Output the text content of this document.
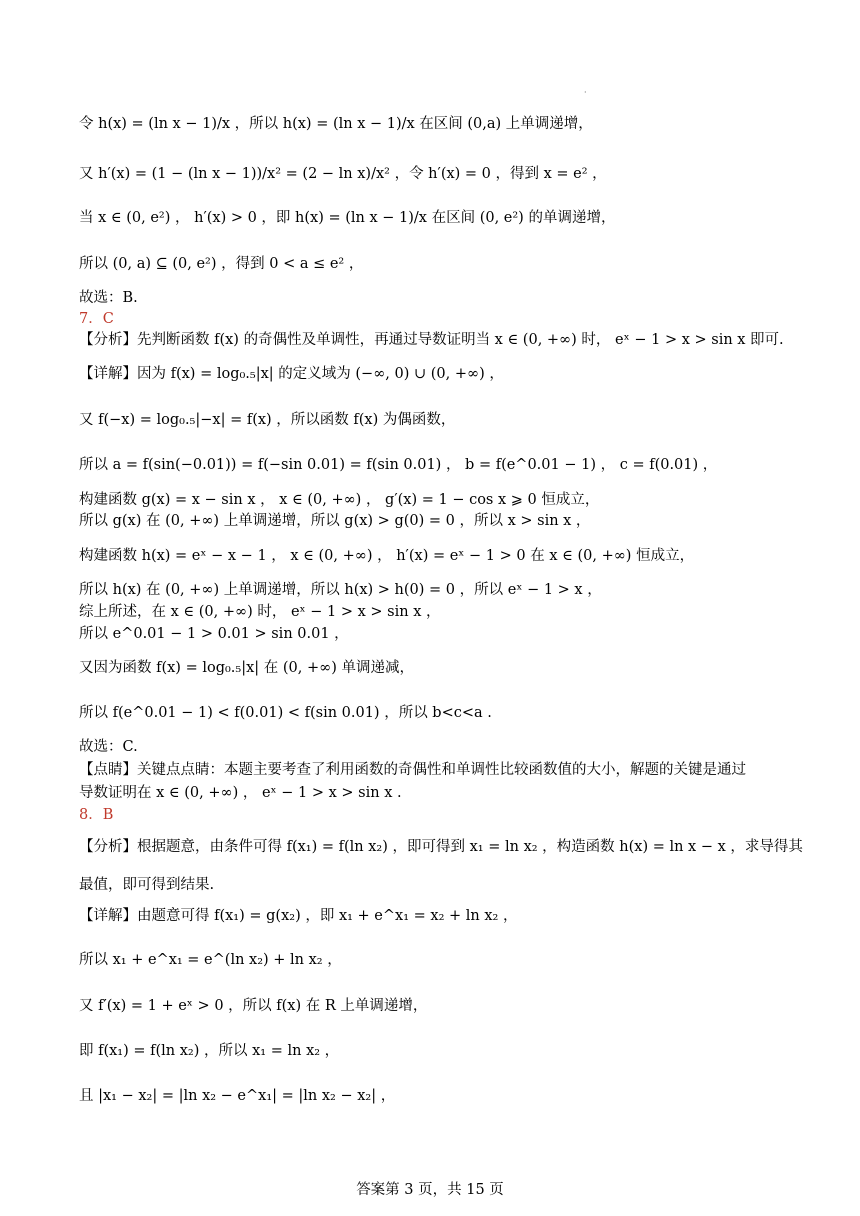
·
令 h(x) = (ln x − 1)/x ，所以 h(x) = (ln x − 1)/x 在区间 (0,a) 上单调递增，
又 h′(x) = (1 − (ln x − 1))/x² = (2 − ln x)/x² ，令 h′(x) = 0 ，得到 x = e² ，
当 x ∈ (0, e²) ， h′(x) > 0 ，即 h(x) = (ln x − 1)/x 在区间 (0, e²) 的单调递增，
所以 (0, a) ⊆ (0, e²) ，得到 0 < a ≤ e² ，
故选：B.
7．C
【分析】先判断函数 f(x) 的奇偶性及单调性，再通过导数证明当 x ∈ (0, +∞) 时， eˣ − 1 > x > sin x 即可.
【详解】因为 f(x) = log₀.₅|x| 的定义域为 (−∞, 0) ∪ (0, +∞) ，
又 f(−x) = log₀.₅|−x| = f(x) ，所以函数 f(x) 为偶函数，
所以 a = f(sin(−0.01)) = f(−sin 0.01) = f(sin 0.01) ， b = f(e^0.01 − 1) ， c = f(0.01) ，
构建函数 g(x) = x − sin x ， x ∈ (0, +∞) ， g′(x) = 1 − cos x ⩾ 0 恒成立，
所以 g(x) 在 (0, +∞) 上单调递增，所以 g(x) > g(0) = 0 ，所以 x > sin x ，
构建函数 h(x) = eˣ − x − 1 ， x ∈ (0, +∞) ， h′(x) = eˣ − 1 > 0 在 x ∈ (0, +∞) 恒成立，
所以 h(x) 在 (0, +∞) 上单调递增，所以 h(x) > h(0) = 0 ，所以 eˣ − 1 > x ，
综上所述，在 x ∈ (0, +∞) 时， eˣ − 1 > x > sin x ，
所以 e^0.01 − 1 > 0.01 > sin 0.01 ，
又因为函数 f(x) = log₀.₅|x| 在 (0, +∞) 单调递减，
所以 f(e^0.01 − 1) < f(0.01) < f(sin 0.01) ，所以 b<c<a .
故选：C.
【点睛】关键点点睛：本题主要考查了利用函数的奇偶性和单调性比较函数值的大小，解题的关键是通过
导数证明在 x ∈ (0, +∞) ， eˣ − 1 > x > sin x .
8．B
【分析】根据题意，由条件可得 f(x₁) = f(ln x₂) ，即可得到 x₁ = ln x₂ ，构造函数 h(x) = ln x − x ，求导得其
最值，即可得到结果.
【详解】由题意可得 f(x₁) = g(x₂) ，即 x₁ + e^x₁ = x₂ + ln x₂ ，
所以 x₁ + e^x₁ = e^(ln x₂) + ln x₂ ，
又 f′(x) = 1 + eˣ > 0 ，所以 f(x) 在 R 上单调递增，
即 f(x₁) = f(ln x₂) ，所以 x₁ = ln x₂ ，
且 |x₁ − x₂| = |ln x₂ − e^x₁| = |ln x₂ − x₂| ，
答案第 3 页，共 15 页
